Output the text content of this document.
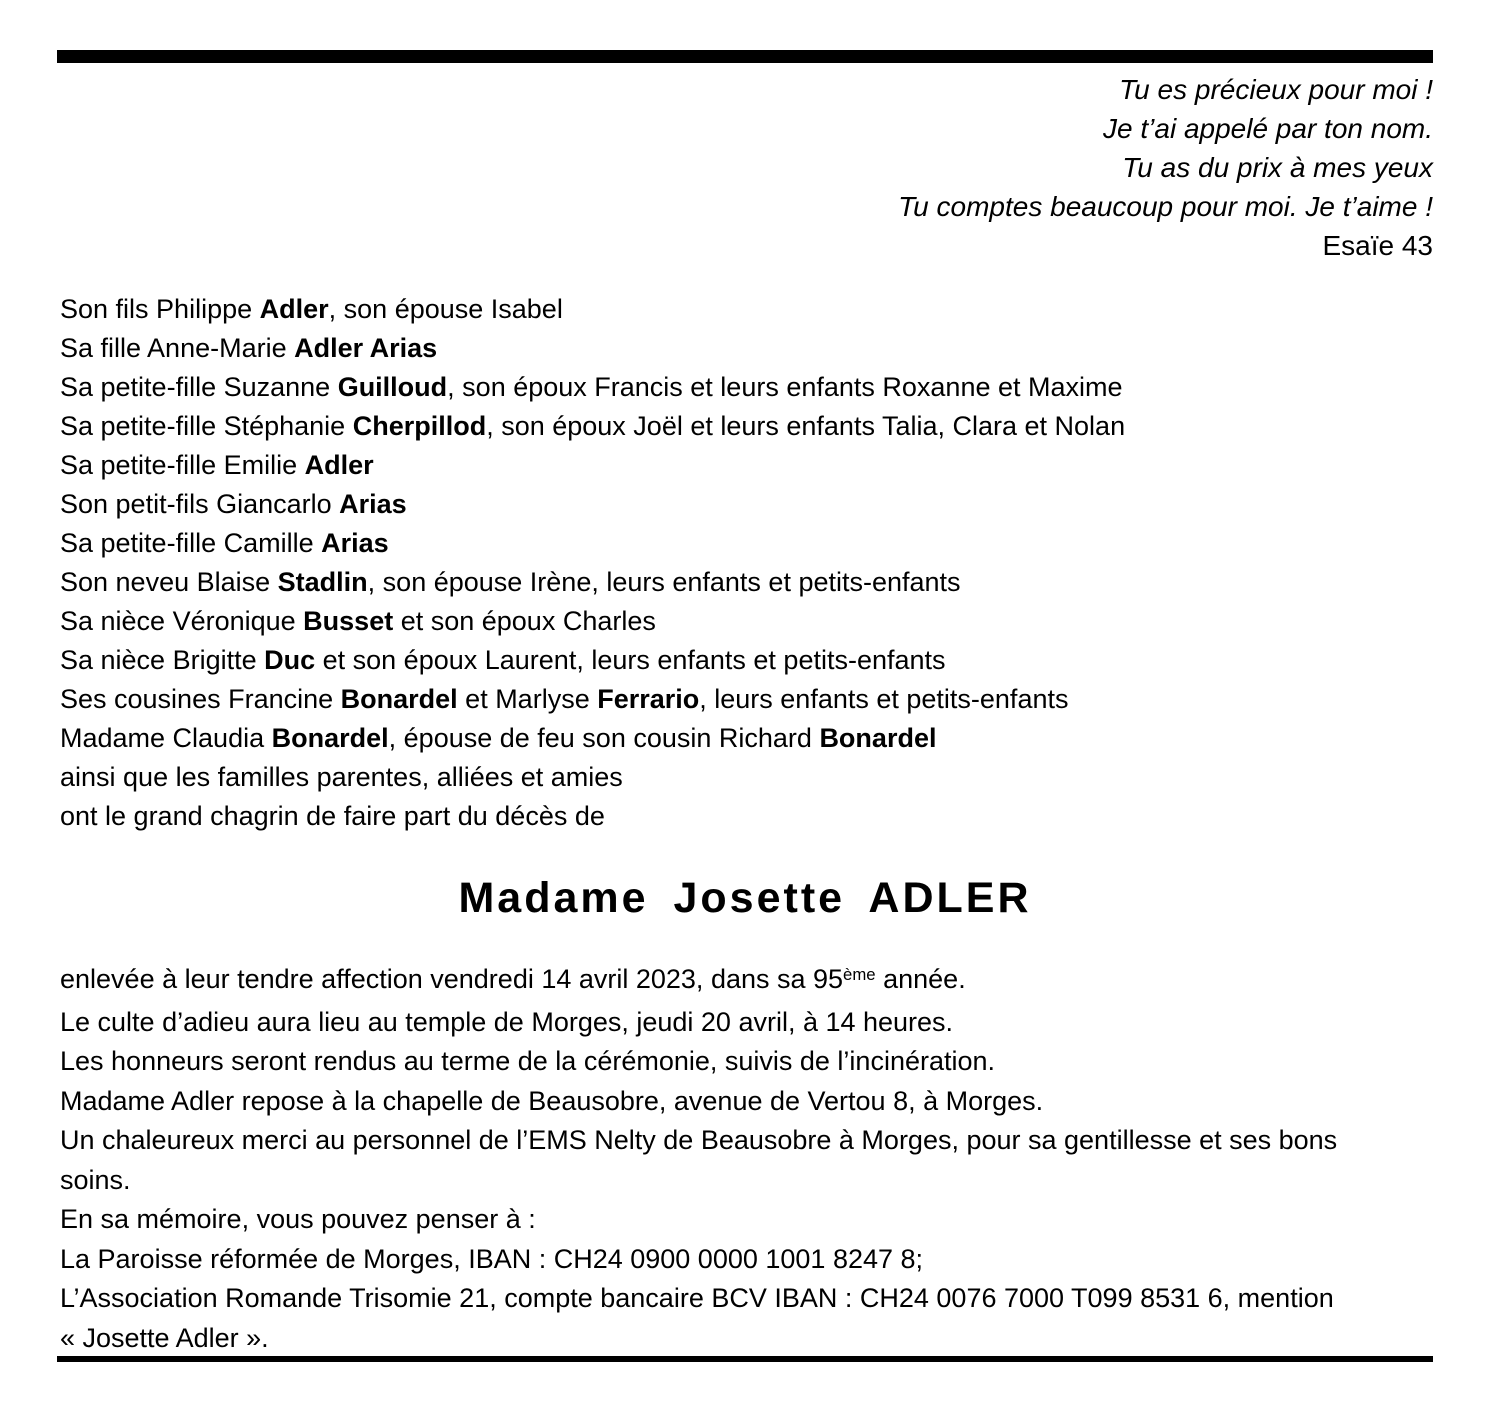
Tu es précieux pour moi !
Je t’ai appelé par ton nom.
Tu as du prix à mes yeux
Tu comptes beaucoup pour moi. Je t’aime !
Esaïe 43
Son fils Philippe Adler, son épouse Isabel
Sa fille Anne-Marie Adler Arias
Sa petite-fille Suzanne Guilloud, son époux Francis et leurs enfants Roxanne et Maxime
Sa petite-fille Stéphanie Cherpillod, son époux Joël et leurs enfants Talia, Clara et Nolan
Sa petite-fille Emilie Adler
Son petit-fils Giancarlo Arias
Sa petite-fille Camille Arias
Son neveu Blaise Stadlin, son épouse Irène, leurs enfants et petits-enfants
Sa nièce Véronique Busset et son époux Charles
Sa nièce Brigitte Duc et son époux Laurent, leurs enfants et petits-enfants
Ses cousines Francine Bonardel et Marlyse Ferrario, leurs enfants et petits-enfants
Madame Claudia Bonardel, épouse de feu son cousin Richard Bonardel
ainsi que les familles parentes, alliées et amies
ont le grand chagrin de faire part du décès de
Madame Josette ADLER
enlevée à leur tendre affection vendredi 14 avril 2023, dans sa 95ème année.
Le culte d’adieu aura lieu au temple de Morges, jeudi 20 avril, à 14 heures.
Les honneurs seront rendus au terme de la cérémonie, suivis de l’incinération.
Madame Adler repose à la chapelle de Beausobre, avenue de Vertou 8, à Morges.
Un chaleureux merci au personnel de l’EMS Nelty de Beausobre à Morges, pour sa gentillesse et ses bons
soins.
En sa mémoire, vous pouvez penser à :
La Paroisse réformée de Morges, IBAN : CH24 0900 0000 1001 8247 8;
L’Association Romande Trisomie 21, compte bancaire BCV IBAN : CH24 0076 7000 T099 8531 6, mention
« Josette Adler ».
